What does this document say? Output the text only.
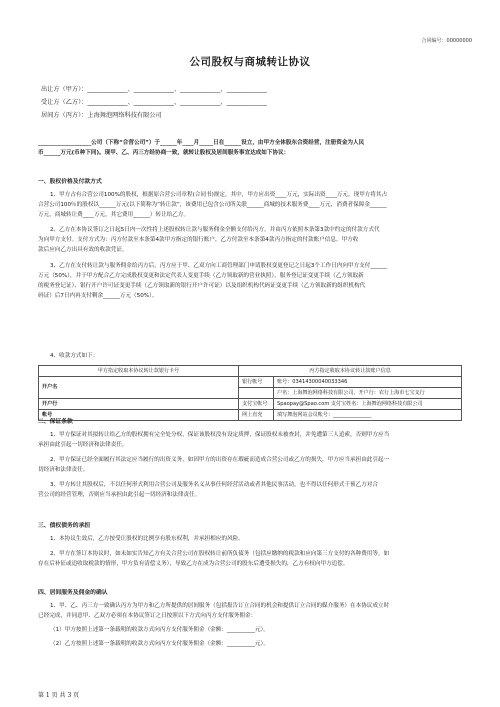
合同编号：00000000
公司股权与商城转让协议
出让方（甲方）：_____________、_____________、_____________、_____________
受让方（乙方）：_____________、_____________、_____________、_____________
居间方（丙方）：上海舞泡网络科技有限公司
___________________公司（下称“合营公司”）于______年____月_____日在______设立，由甲方全体股东合资经营，注册资金为人民
币______万元(币种下同)。现甲、乙、丙三方经协商一致，就转让股权及居间服务事宜达成如下协议：
一、股权价格及付款方式
1、甲方占有合营公司100%的股权，根据原合营公司章程(合同书)规定，其中，甲方应出资____万元，实际出资____万元。现甲方将其占
合营公司100％的股权以______万元(以下简称为“转让款”，该费用已包含公司所关联______商城的技术服务费____万元，消费者保障金______
万元，商城转让费____万元，其它费用______）转让给乙方。
2、乙方在本协议签订之日起5日内一次性将上述股权转让款与服务佣金全额支付给丙方，并由丙方依照本条第3款中约定的付款方式代
为向甲方支付。支付方式为：丙方付款至本条第4款甲方指定的银行账户，乙方付款至本条第4款丙方指定的付款账户信息。甲方收
款后应向乙方出具有效的收款凭证。
3、乙方在支付转让款与服务佣金给丙方后，丙方应于甲、乙双方向工商管理部门申请股权变更登记之日起3个工作日内向甲方支付______
万元（50%），并于甲方配合乙方完成股权变更和法定代表人变更手续（乙方领取新的营业执照）、服务登记证变更手续（乙方领取新
的税务登记证）、银行开户许可证变更手续（乙方领取新的银行开户许可证）以及组织机构代码证变更手续（乙方领取新的组织机构代
码证）后7日内再支付剩余______万元（50%）。
4、收款方式如下：
甲方指定收取本协议转让款银行卡号	丙方指定收取本协议转让款账户信息	
开户名	银行帐号	账号：03414300040033346
		户名：上海舞泡网络科技有限公司，开户行：农行上海市七宝支行
开户行	支付宝帐号	Spaopay@Spao.com 支付宝姓名：上海舞泡网络科技有限公司
帐号	网上直充	填写舞泡网站会员帐号：_______________
二、保证条款
1、甲方保证对其拟转让给乙方的股权拥有完全处分权，保证该股权没有设定质押，保证股权未被查封，并免遭第三人追索，否则甲方应当
承担由此引起一切经济和法律责任。
2、甲方保证已经全面履行其法定应当履行的出资义务，如因甲方的出资存在瑕疵而造成合营公司或乙方的损失，甲方应当承担由此引起一
切经济和法律责任。
3、甲方转让其股权后，不以任何形式利用合营公司及服务名义从事任何经营活动或者其他民事活动，也不得以任何形式干预乙方对合
营公司的经营管理，否则应当承担由此引起一切经济和法律责任。
三、债权债务的承担
1、本协议生效后，乙方按受让股权的比例享有股东权利，并承担相应的风险。
2、甲方在签订本协议时，如未如实告知乙方有关合营公司在股权转让前所负债务（包括应缴纳的税款和应向第三方支付的各种费用等。如
存在后补征或追收取税款的情形，甲方负有清偿义务），导致乙方在成为合营公司的股东后遭受损失的，乙方有权向甲方追偿。
四、居间服务及佣金的确认
1、甲、乙、丙三方一致确认丙方为甲方和乙方所提供的居间服务（包括报告订立合同的机会和提供订立合同的媒介服务）在本协议成立时
已经完成，并同意甲、乙双方必须在本协议签订之日按照以下方式向丙方支付服务佣金：
（1）甲方按照上述第一条载明的收款方式向丙方支付服务佣金（金额：__________元）。
（2）乙方按照上述第一条载明的收款方式向丙方支付服务佣金（金额：__________元）。
第 1 页 共 3 页
